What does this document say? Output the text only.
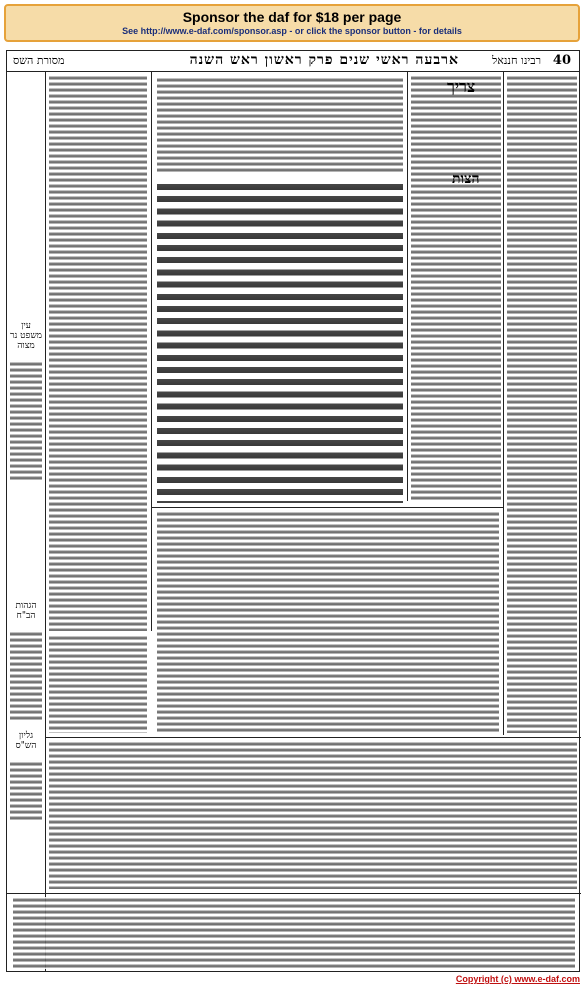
Sponsor the daf for $18 per page
See http://www.e-daf.com/sponsor.asp - or click the sponsor button - for details
40
ארבעה ראשי שנים פרק ראשון ראש השנה
מסורת השס	רבינו חננאל
עין משפט נר מצוה
הגהות הב"ח
גליון הש"ס
צריך
הצות
Copyright (c) www.e-daf.com
